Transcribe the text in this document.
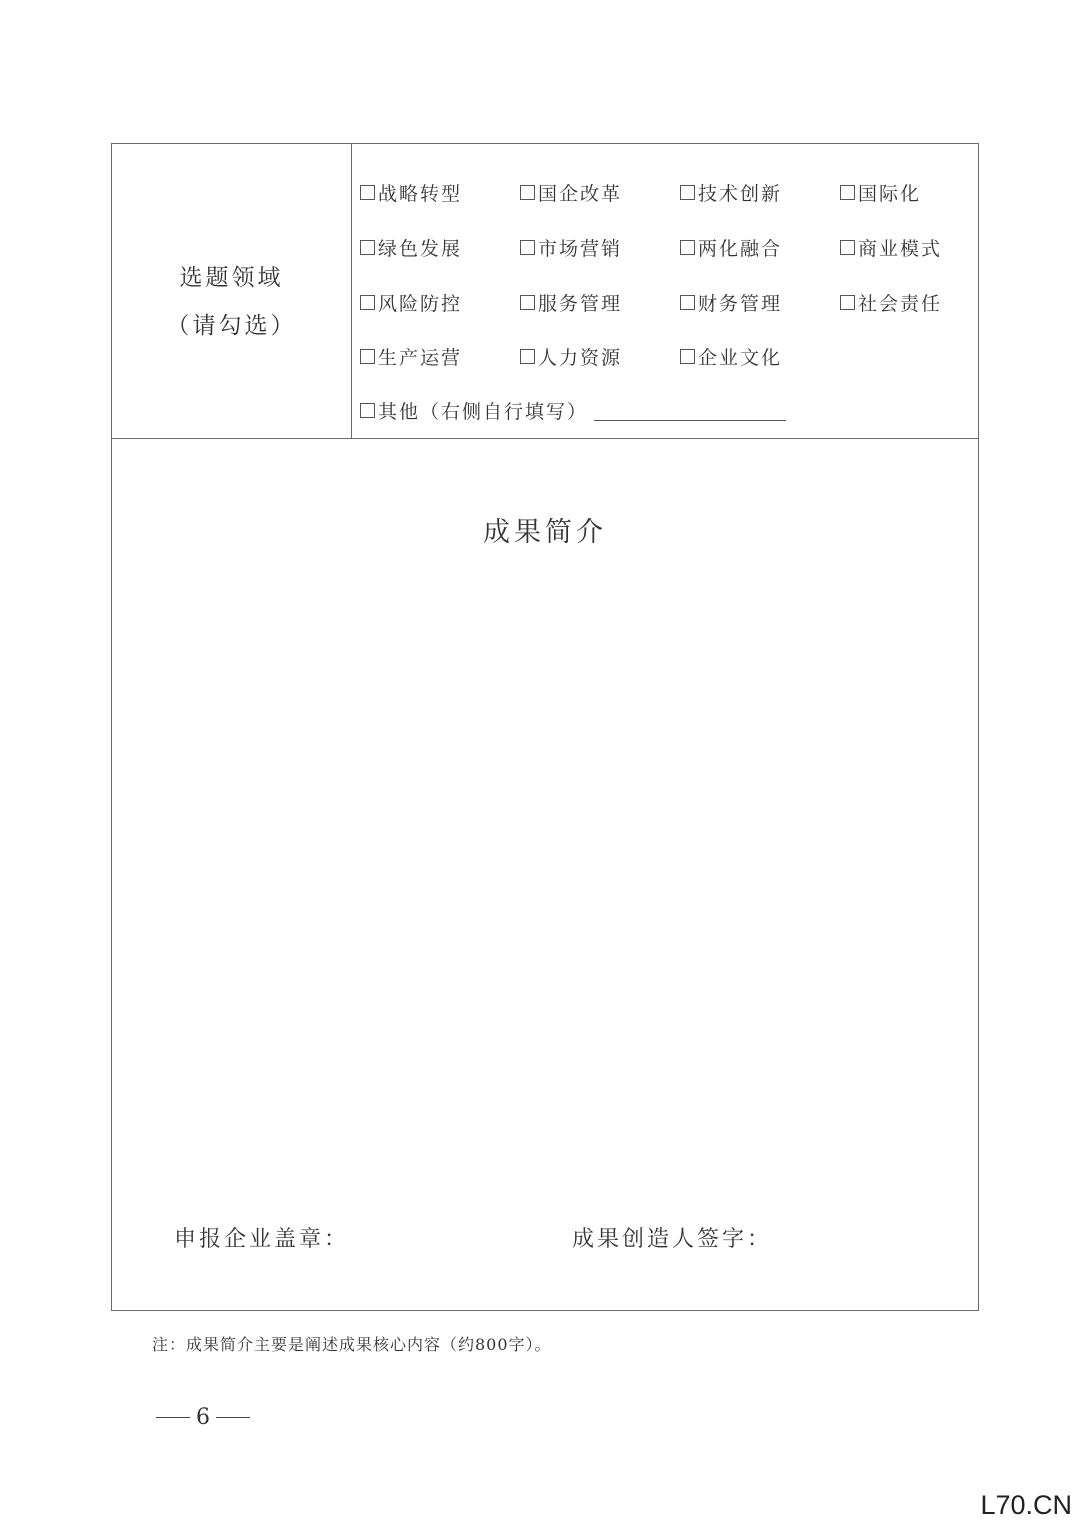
选题领域
（请勾选）
战略转型	国企改革	技术创新	国际化
绿色发展	市场营销	两化融合	商业模式
风险防控	服务管理	财务管理	社会责任
生产运营	人力资源	企业文化
其他（右侧自行填写）
成果简介
申报企业盖章：	成果创造人签字：
注：成果简介主要是阐述成果核心内容（约800字）。
6
L70.CN
